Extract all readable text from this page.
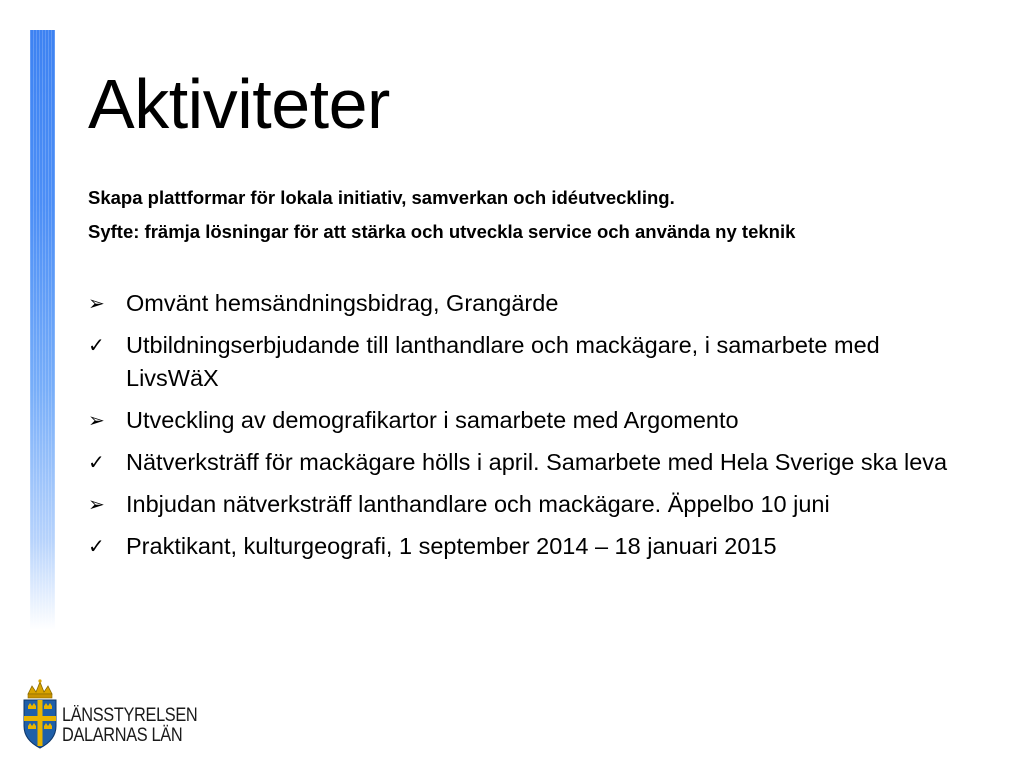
Aktiviteter

Skapa plattformar för lokala initiativ, samverkan och idéutveckling.

Syfte: främja lösningar för att stärka och utveckla service och använda ny teknik

➢ Omvänt hemsändningsbidrag, Grangärde
✓ Utbildningserbjudande till lanthandlare och mackägare, i samarbete med LivsWäX
➢ Utveckling av demografikartor i samarbete med Argomento
✓ Nätverksträff för mackägare hölls i april. Samarbete med Hela Sverige ska leva
➢ Inbjudan nätverksträff lanthandlare och mackägare. Äppelbo 10 juni
✓ Praktikant, kulturgeografi, 1 september 2014 – 18 januari 2015
LÄNSSTYRELSEN
DALARNAS LÄN
